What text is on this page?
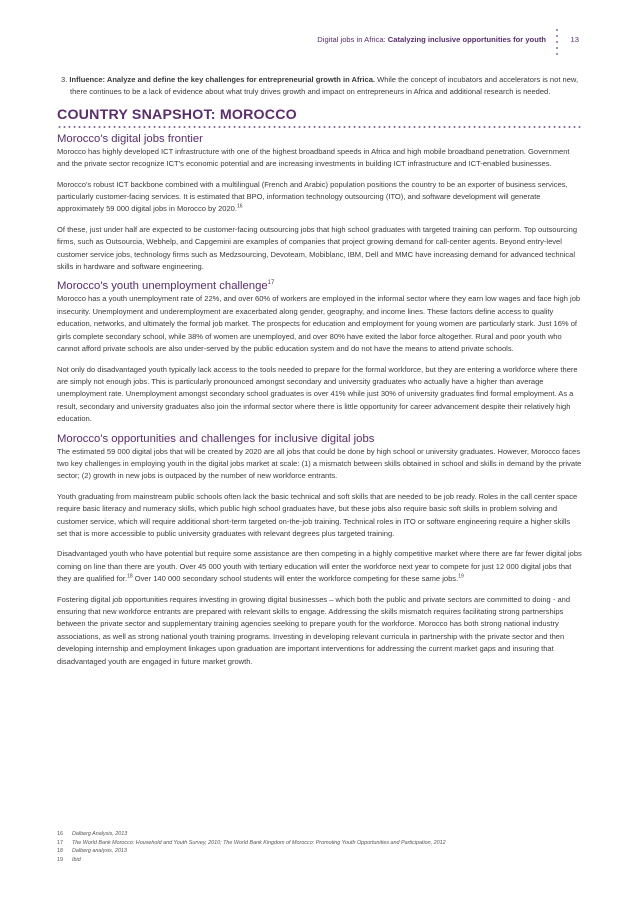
Digital jobs in Africa: Catalyzing inclusive opportunities for youth	13

3. Influence: Analyze and define the key challenges for entrepreneurial growth in Africa. While the concept of incubators and accelerators is not new, there continues to be a lack of evidence about what truly drives growth and impact on entrepreneurs in Africa and additional research is needed.

COUNTRY SNAPSHOT: MOROCCO
Morocco's digital jobs frontier

Morocco has highly developed ICT infrastructure with one of the highest broadband speeds in Africa and high mobile broadband penetration. Government and the private sector recognize ICT's economic potential and are increasing investments in building ICT infrastructure and ICT-enabled businesses.

Morocco's robust ICT backbone combined with a multilingual (French and Arabic) population positions the country to be an exporter of business services, particularly customer-facing services. It is estimated that BPO, information technology outsourcing (ITO), and software development will generate approximately 59 000 digital jobs in Morocco by 2020.16

Of these, just under half are expected to be customer-facing outsourcing jobs that high school graduates with targeted training can perform. Top outsourcing firms, such as Outsourcia, Webhelp, and Capgemini are examples of companies that project growing demand for call-center agents. Beyond entry-level customer service jobs, technology firms such as Medzsourcing, Devoteam, Mobiblanc, IBM, Dell and MMC have increasing demand for advanced technical skills in hardware and software engineering.

Morocco's youth unemployment challenge$^{17}$

Morocco has a youth unemployment rate of 22%, and over 60% of workers are employed in the informal sector where they earn low wages and face high job insecurity. Unemployment and underemployment are exacerbated along gender, geography, and income lines. These factors define access to quality education, networks, and ultimately the formal job market. The prospects for education and employment for young women are particularly stark. Just 16% of girls complete secondary school, while 38% of women are unemployed, and over 80% have exited the labor force altogether. Rural and poor youth who cannot afford private schools are also under-served by the public education system and do not have the means to attend private schools.

Not only do disadvantaged youth typically lack access to the tools needed to prepare for the formal workforce, but they are entering a workforce where there are simply not enough jobs. This is particularly pronounced amongst secondary and university graduates who actually have a higher than average unemployment rate. Unemployment amongst secondary school graduates is over 41% while just 30% of university graduates find formal employment. As a result, secondary and university graduates also join the informal sector where there is little opportunity for career advancement despite their relatively high education.

Morocco's opportunities and challenges for inclusive digital jobs

The estimated 59 000 digital jobs that will be created by 2020 are all jobs that could be done by high school or university graduates. However, Morocco faces two key challenges in employing youth in the digital jobs market at scale: (1) a mismatch between skills obtained in school and skills in demand by the private sector; (2) growth in new jobs is outpaced by the number of new workforce entrants.

Youth graduating from mainstream public schools often lack the basic technical and soft skills that are needed to be job ready. Roles in the call center space require basic literacy and numeracy skills, which public high school graduates have, but these jobs also require basic soft skills in problem solving and customer service, which will require additional short-term targeted on-the-job training. Technical roles in ITO or software engineering require a higher skills set that is more accessible to public university graduates with relevant degrees plus targeted training.

Disadvantaged youth who have potential but require some assistance are then competing in a highly competitive market where there are far fewer digital jobs coming on line than there are youth. Over 45 000 youth with tertiary education will enter the workforce next year to compete for just 12 000 digital jobs that they are qualified for.$^{18}$ Over 140 000 secondary school students will enter the workforce competing for these same jobs.$^{19}$

Fostering digital job opportunities requires investing in growing digital businesses – which both the public and private sectors are committed to doing - and ensuring that new workforce entrants are prepared with relevant skills to engage. Addressing the skills mismatch requires facilitating strong partnerships between the private sector and supplementary training agencies seeking to prepare youth for the workforce. Morocco has both strong national industry associations, as well as strong national youth training programs. Investing in developing relevant curricula in partnership with the private sector and then developing internship and employment linkages upon graduation are important interventions for addressing the current market gaps and insuring that disadvantaged youth are engaged in future market growth.

16 Dalberg Analysis, 2013
17 The World Bank Morocco: Household and Youth Survey, 2010; The World Bank Kingdom of Morocco: Promoting Youth Opportunities and Participation, 2012
18 Dalberg analysis, 2013
19 Ibid
